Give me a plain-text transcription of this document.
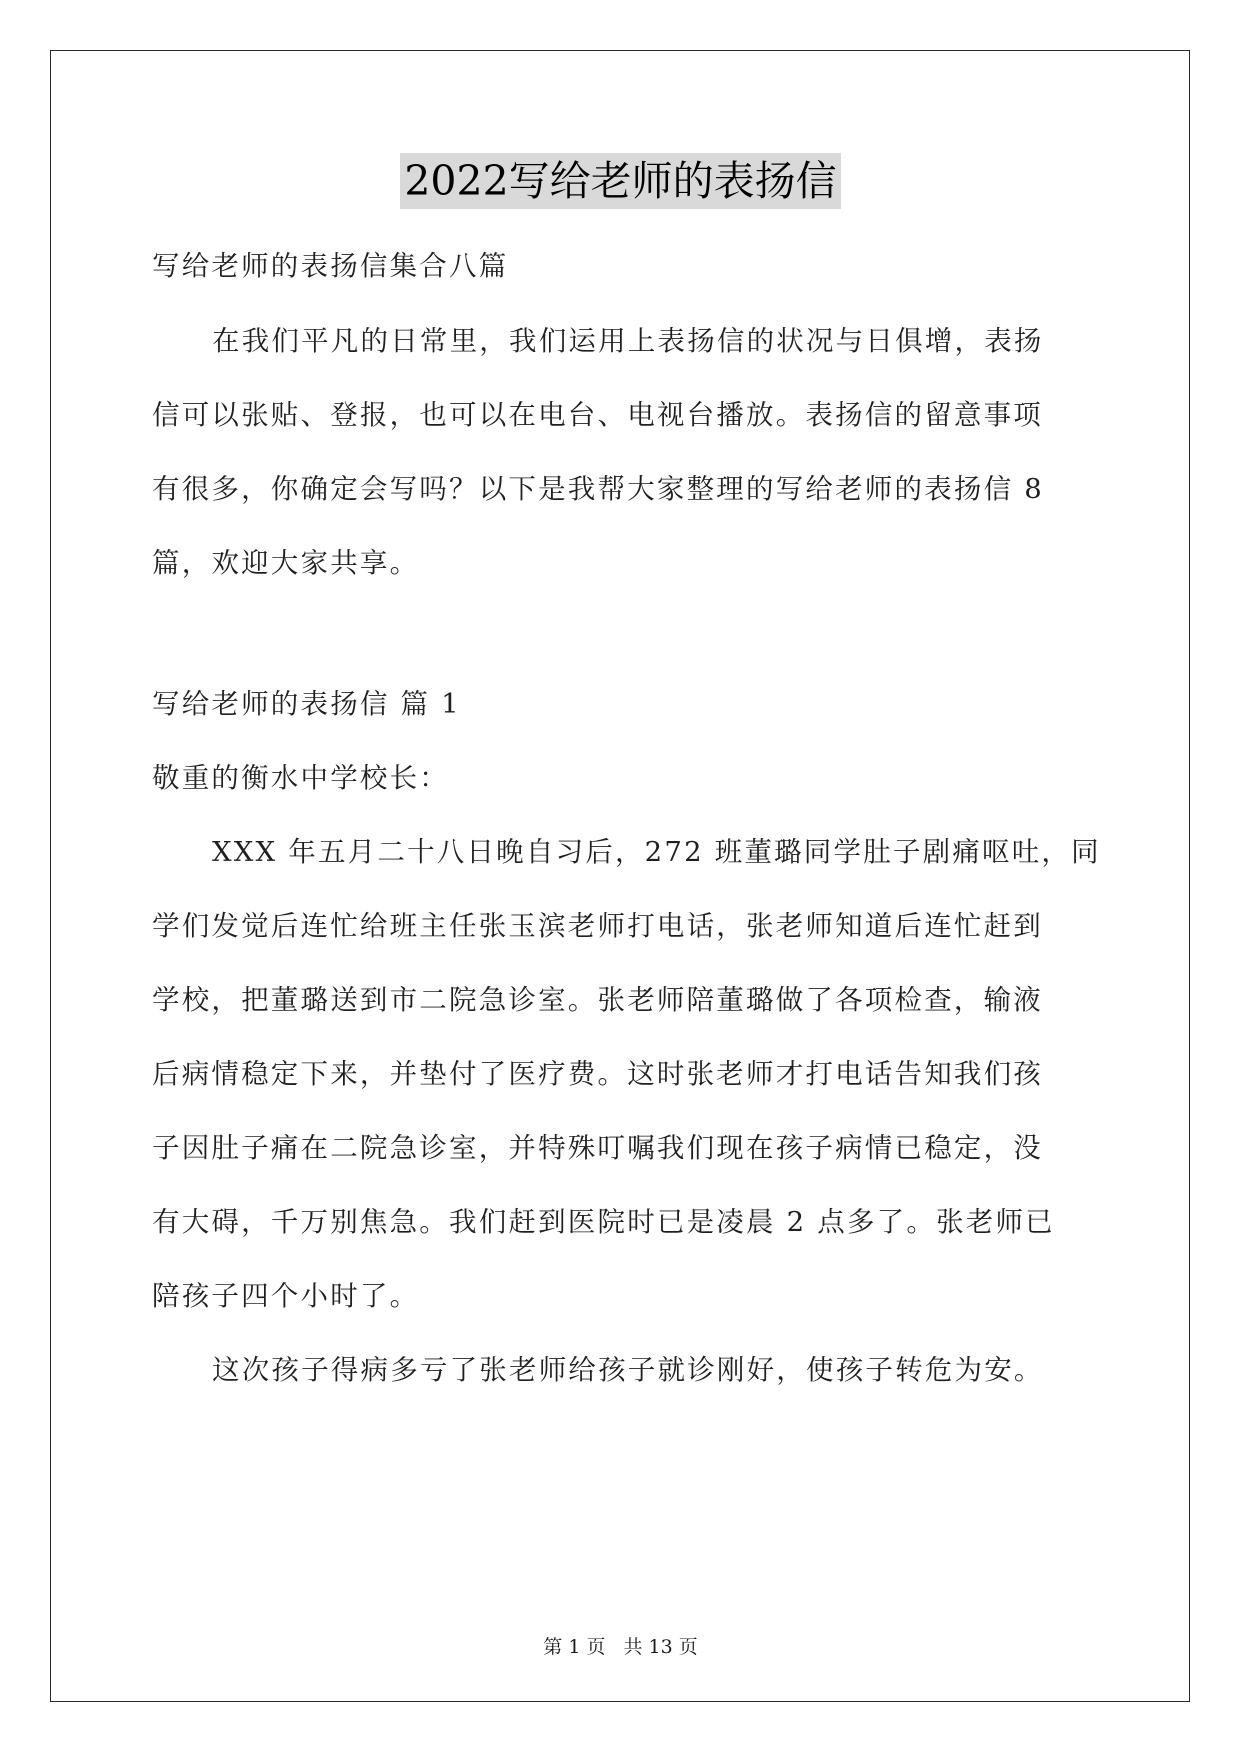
2022写给老师的表扬信
写给老师的表扬信集合八篇
在我们平凡的日常里，我们运用上表扬信的状况与日俱增，表扬
信可以张贴、登报，也可以在电台、电视台播放。表扬信的留意事项
有很多，你确定会写吗？以下是我帮大家整理的写给老师的表扬信 8
篇，欢迎大家共享。
写给老师的表扬信 篇 1
敬重的衡水中学校长：
XXX 年五月二十八日晚自习后，272 班董璐同学肚子剧痛呕吐，同
学们发觉后连忙给班主任张玉滨老师打电话，张老师知道后连忙赶到
学校，把董璐送到市二院急诊室。张老师陪董璐做了各项检查，输液
后病情稳定下来，并垫付了医疗费。这时张老师才打电话告知我们孩
子因肚子痛在二院急诊室，并特殊叮嘱我们现在孩子病情已稳定，没
有大碍，千万别焦急。我们赶到医院时已是凌晨 2 点多了。张老师已
陪孩子四个小时了。
这次孩子得病多亏了张老师给孩子就诊刚好，使孩子转危为安。
第 1 页 共 13 页
